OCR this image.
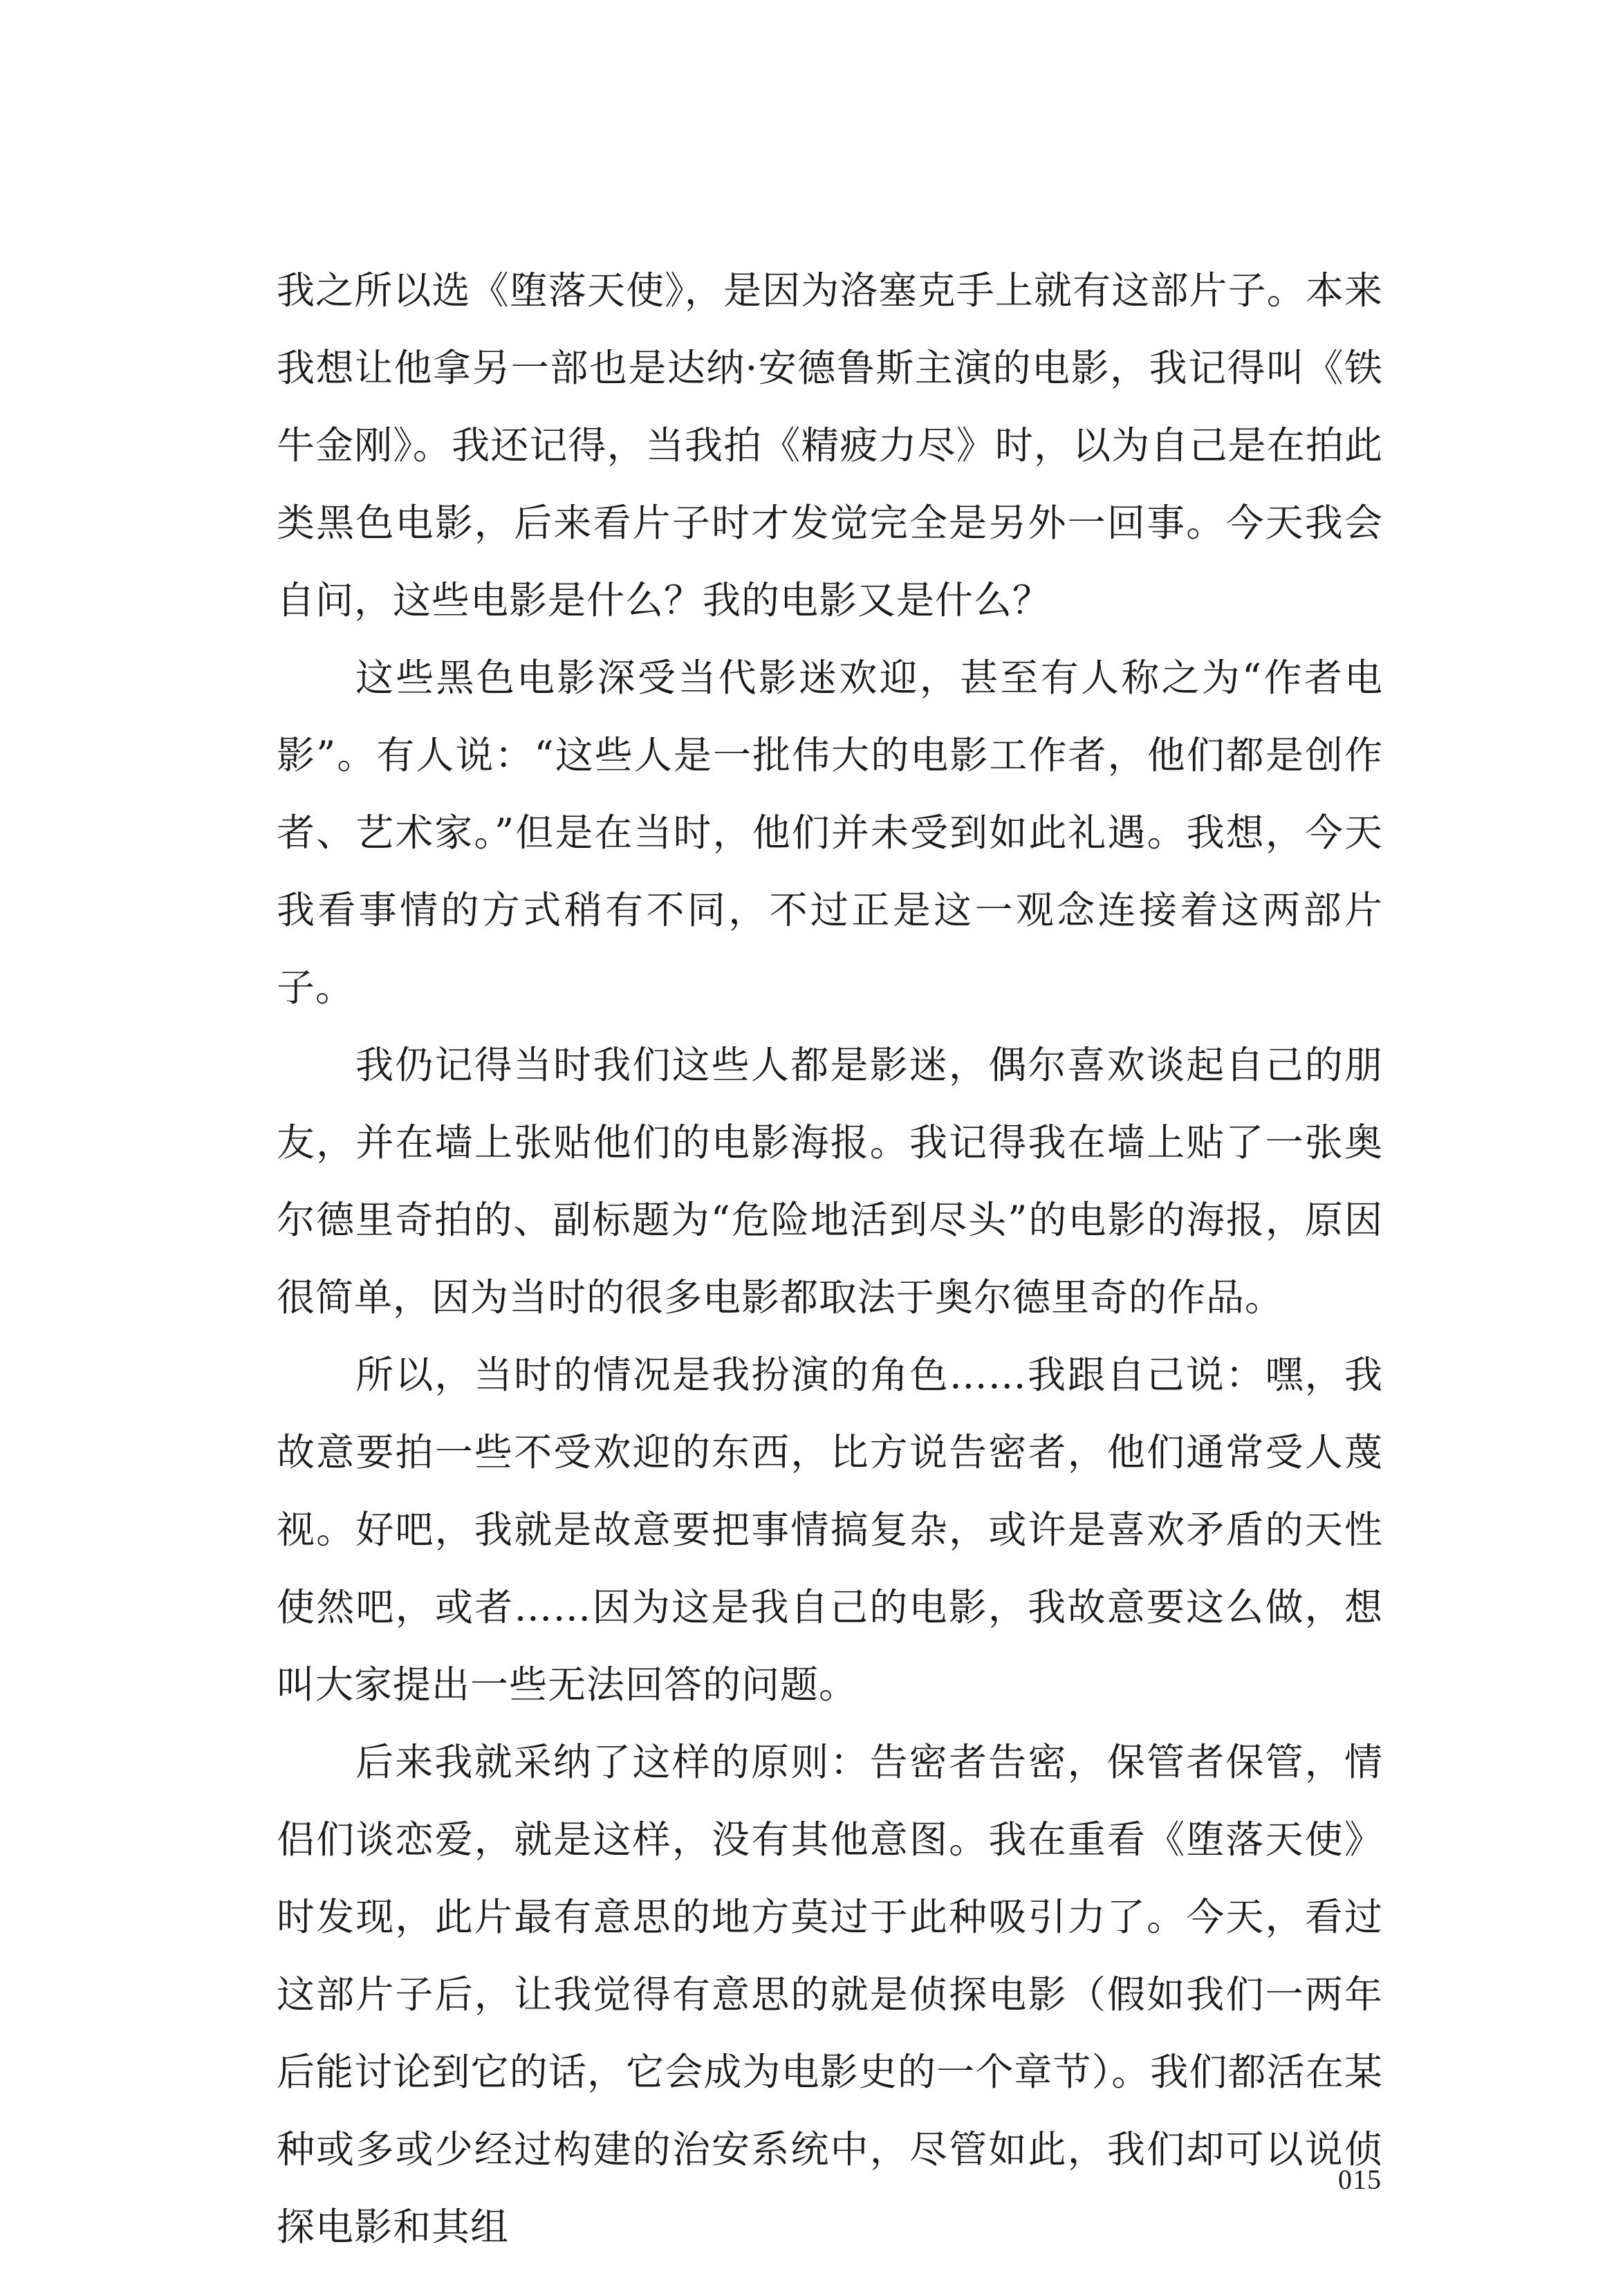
我之所以选《堕落天使》，是因为洛塞克手上就有这部片子。本来我想让他拿另一部也是达纳·安德鲁斯主演的电影，我记得叫《铁牛金刚》。我还记得，当我拍《精疲力尽》时，以为自己是在拍此类黑色电影，后来看片子时才发觉完全是另外一回事。今天我会自问，这些电影是什么？我的电影又是什么？

这些黑色电影深受当代影迷欢迎，甚至有人称之为“作者电影”。有人说：“这些人是一批伟大的电影工作者，他们都是创作者、艺术家。”但是在当时，他们并未受到如此礼遇。我想，今天我看事情的方式稍有不同，不过正是这一观念连接着这两部片子。

我仍记得当时我们这些人都是影迷，偶尔喜欢谈起自己的朋友，并在墙上张贴他们的电影海报。我记得我在墙上贴了一张奥尔德里奇拍的、副标题为“危险地活到尽头”的电影的海报，原因很简单，因为当时的很多电影都取法于奥尔德里奇的作品。

所以，当时的情况是我扮演的角色……我跟自己说：嘿，我故意要拍一些不受欢迎的东西，比方说告密者，他们通常受人蔑视。好吧，我就是故意要把事情搞复杂，或许是喜欢矛盾的天性使然吧，或者……因为这是我自己的电影，我故意要这么做，想叫大家提出一些无法回答的问题。

后来我就采纳了这样的原则：告密者告密，保管者保管，情侣们谈恋爱，就是这样，没有其他意图。我在重看《堕落天使》时发现，此片最有意思的地方莫过于此种吸引力了。今天，看过这部片子后，让我觉得有意思的就是侦探电影（假如我们一两年后能讨论到它的话，它会成为电影史的一个章节）。我们都活在某种或多或少经过构建的治安系统中，尽管如此，我们却可以说侦探电影和其组

015
